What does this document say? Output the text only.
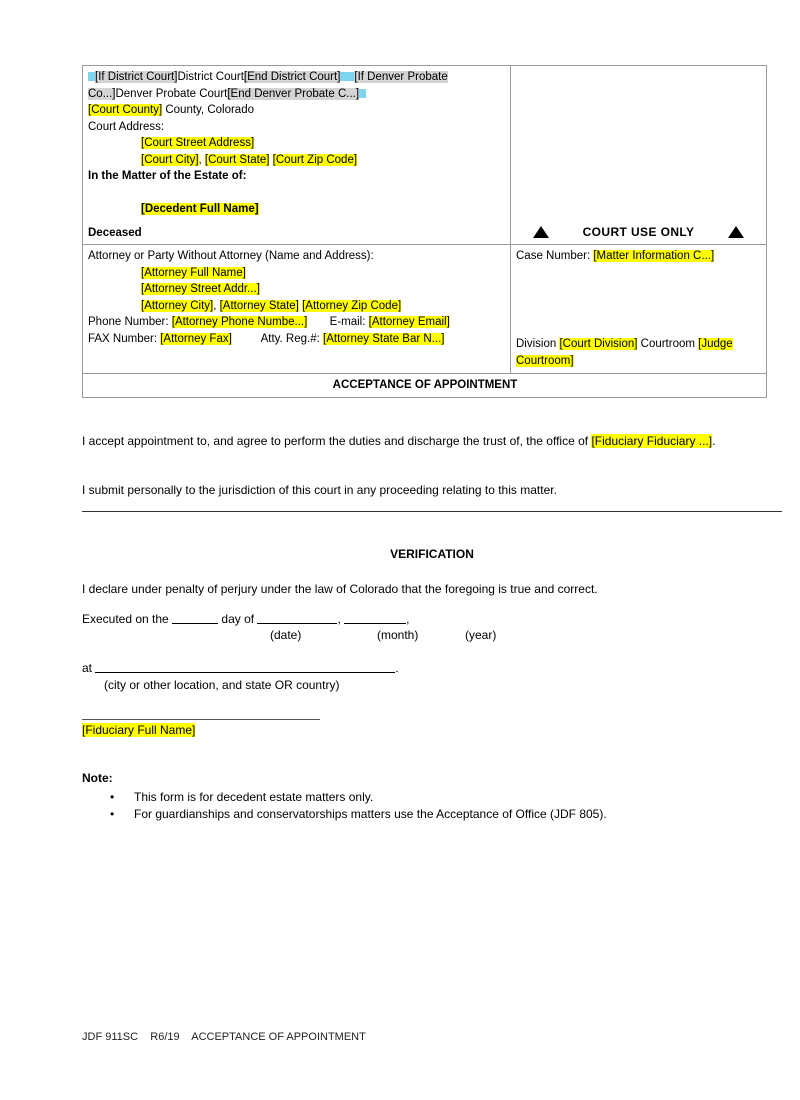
[If District Court]District Court[End District Court] [If Denver Probate Co...]Denver Probate Court[End Denver Probate C...]
[Court County] County, Colorado
Court Address:
[Court Street Address]
[Court City], [Court State] [Court Zip Code]
In the Matter of the Estate of:
[Decedent Full Name]
Deceased	COURT USE ONLY

Attorney or Party Without Attorney (Name and Address):
[Attorney Full Name]
[Attorney Street Addr...]
[Attorney City], [Attorney State] [Attorney Zip Code]
Phone Number: [Attorney Phone Numbe...] E-mail: [Attorney Email]
FAX Number: [Attorney Fax]	Atty. Reg.#: [Attorney State Bar N...]

Case Number: [Matter Information C...]
Division [Court Division] Courtroom [Judge Courtroom]

ACCEPTANCE OF APPOINTMENT	
I accept appointment to, and agree to perform the duties and discharge the trust of, the office of [Fiduciary Fiduciary ...].
I submit personally to the jurisdiction of this court in any proceeding relating to this matter.
VERIFICATION
I declare under penalty of perjury under the law of Colorado that the foregoing is true and correct.
Executed on the	day of	,	,
(date)	(month)	(year)
at	.
(city or other location, and state OR country)
[Fiduciary Full Name]
Note:
• This form is for decedent estate matters only.
• For guardianships and conservatorships matters use the Acceptance of Office (JDF 805).
JDF 911SC    R6/19    ACCEPTANCE OF APPOINTMENT
